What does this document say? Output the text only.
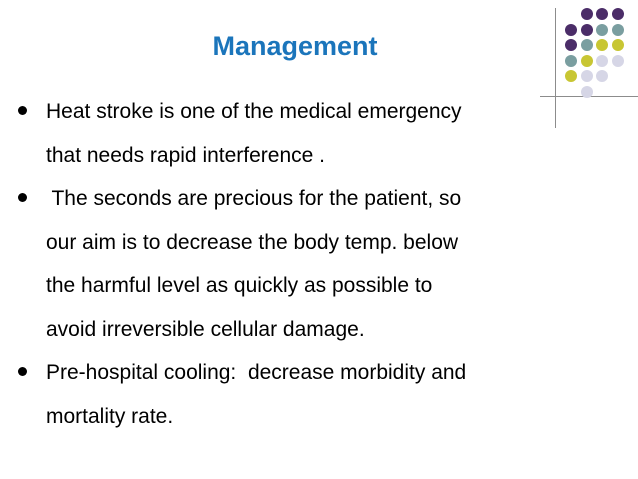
Management
Heat stroke is one of the medical emergency
that needs rapid interference .
The seconds are precious for the patient, so
our aim is to decrease the body temp. below
the harmful level as quickly as possible to
avoid irreversible cellular damage.
Pre-hospital cooling:  decrease morbidity and
mortality rate.
